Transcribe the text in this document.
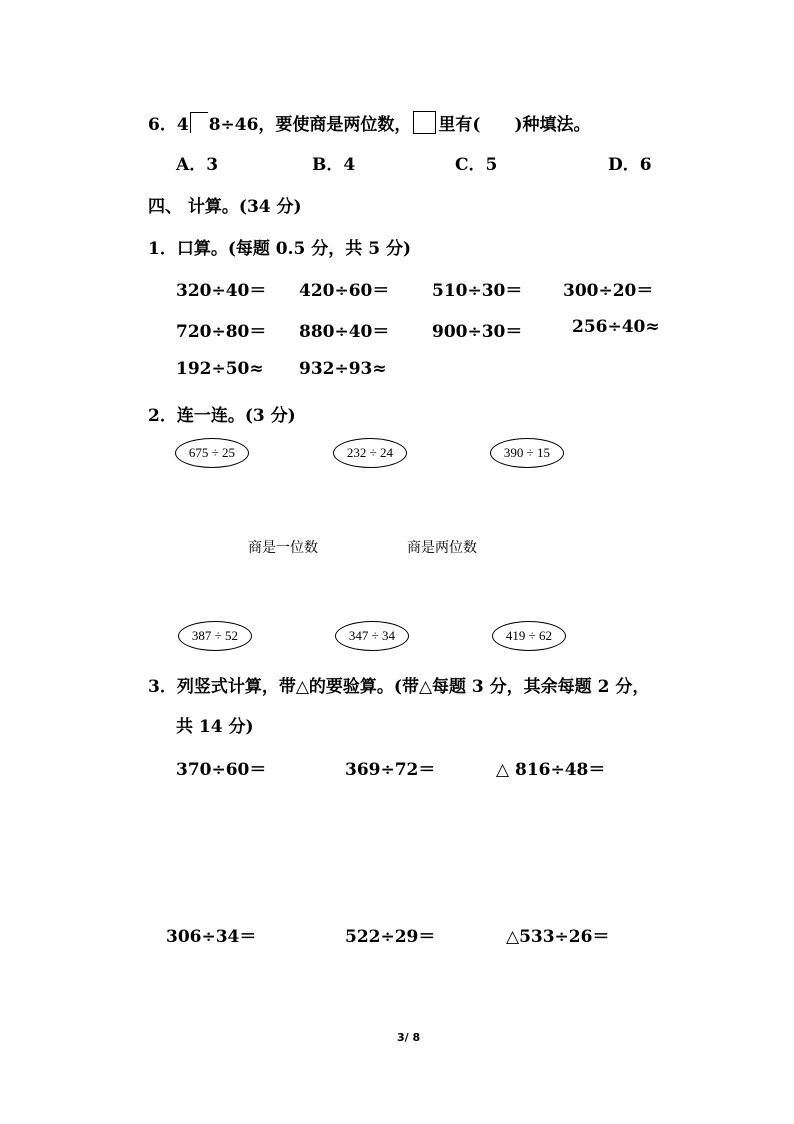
6．4 8÷46，要使商是两位数， 里有( )种填法。
A．3	B．4	C．5	D．6
四、 计算。(34 分)
1．口算。(每题 0.5 分，共 5 分)
320÷40＝ 420÷60＝	510÷30＝ 300÷20＝
720÷80＝ 880÷40＝	900÷30＝	256÷40≈
192÷50≈ 932÷93≈
2．连一连。(3 分)
675 ÷ 25	232 ÷ 24	390 ÷ 15
商是一位数	商是两位数
387 ÷ 52	347 ÷ 34	419 ÷ 62
3．列竖式计算，带△的要验算。(带△每题 3 分，其余每题 2 分，
共 14 分)
370÷60＝	369÷72＝	△ 816÷48＝
306÷34＝	522÷29＝	△533÷26＝
3/ 8
